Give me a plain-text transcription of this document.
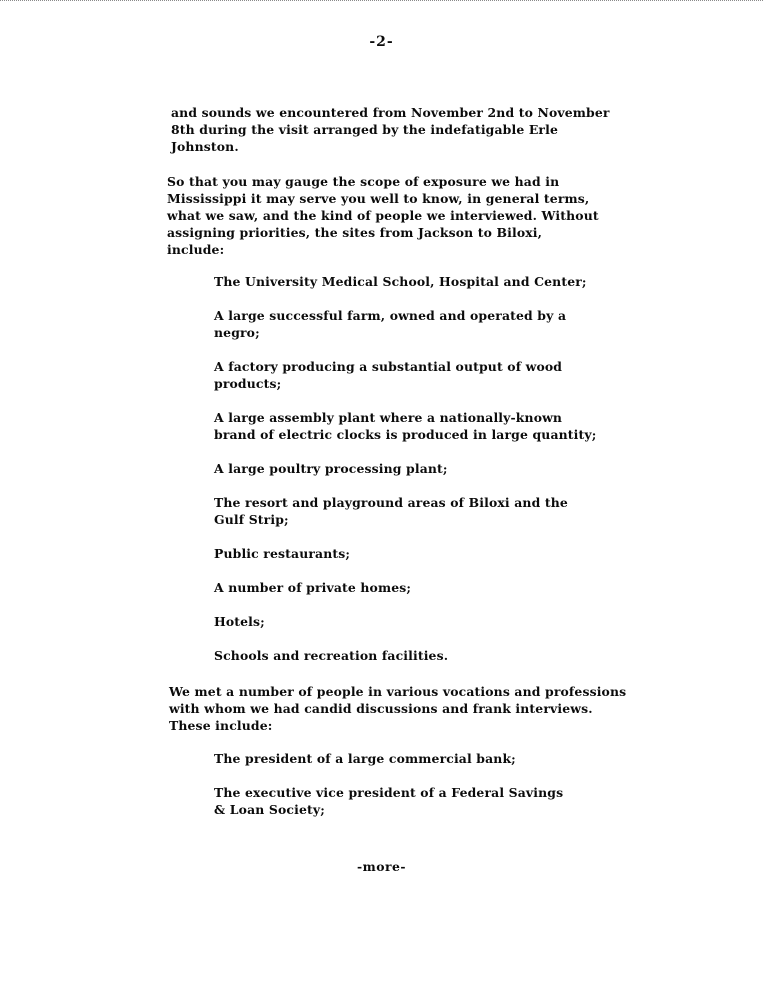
-2-
and sounds we encountered from November 2nd to November
8th during the visit arranged by the indefatigable Erle
Johnston.
So that you may gauge the scope of exposure we had in
Mississippi it may serve you well to know, in general terms,
what we saw, and the kind of people we interviewed. Without
assigning priorities, the sites from Jackson to Biloxi,
include:
The University Medical School, Hospital and Center;
A large successful farm, owned and operated by a
negro;
A factory producing a substantial output of wood
products;
A large assembly plant where a nationally-known
brand of electric clocks is produced in large quantity;
A large poultry processing plant;
The resort and playground areas of Biloxi and the
Gulf Strip;
Public restaurants;
A number of private homes;
Hotels;
Schools and recreation facilities.
We met a number of people in various vocations and professions
with whom we had candid discussions and frank interviews.
These include:
The president of a large commercial bank;
The executive vice president of a Federal Savings
& Loan Society;
-more-
